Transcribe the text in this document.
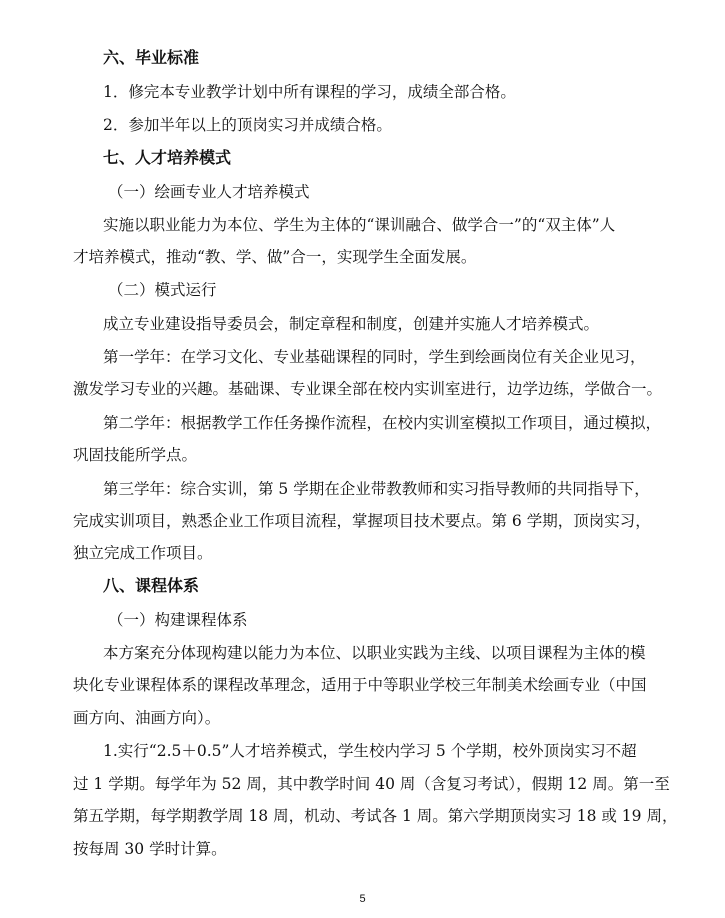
六、毕业标准
1．修完本专业教学计划中所有课程的学习，成绩全部合格。
2．参加半年以上的顶岗实习并成绩合格。
七、人才培养模式
（一）绘画专业人才培养模式
实施以职业能力为本位、学生为主体的“课训融合、做学合一”的“双主体”人
才培养模式，推动“教、学、做”合一，实现学生全面发展。
（二）模式运行
成立专业建设指导委员会，制定章程和制度，创建并实施人才培养模式。
第一学年：在学习文化、专业基础课程的同时，学生到绘画岗位有关企业见习，
激发学习专业的兴趣。基础课、专业课全部在校内实训室进行，边学边练，学做合一。
第二学年：根据教学工作任务操作流程，在校内实训室模拟工作项目，通过模拟，
巩固技能所学点。
第三学年：综合实训，第 5 学期在企业带教教师和实习指导教师的共同指导下，
完成实训项目，熟悉企业工作项目流程，掌握项目技术要点。第 6 学期，顶岗实习，
独立完成工作项目。
八、课程体系
（一）构建课程体系
本方案充分体现构建以能力为本位、以职业实践为主线、以项目课程为主体的模
块化专业课程体系的课程改革理念，适用于中等职业学校三年制美术绘画专业（中国
画方向、油画方向）。
1.实行“2.5＋0.5”人才培养模式，学生校内学习 5 个学期，校外顶岗实习不超
过 1 学期。每学年为 52 周，其中教学时间 40 周（含复习考试），假期 12 周。第一至
第五学期，每学期教学周 18 周，机动、考试各 1 周。第六学期顶岗实习 18 或 19 周，
按每周 30 学时计算。
5
